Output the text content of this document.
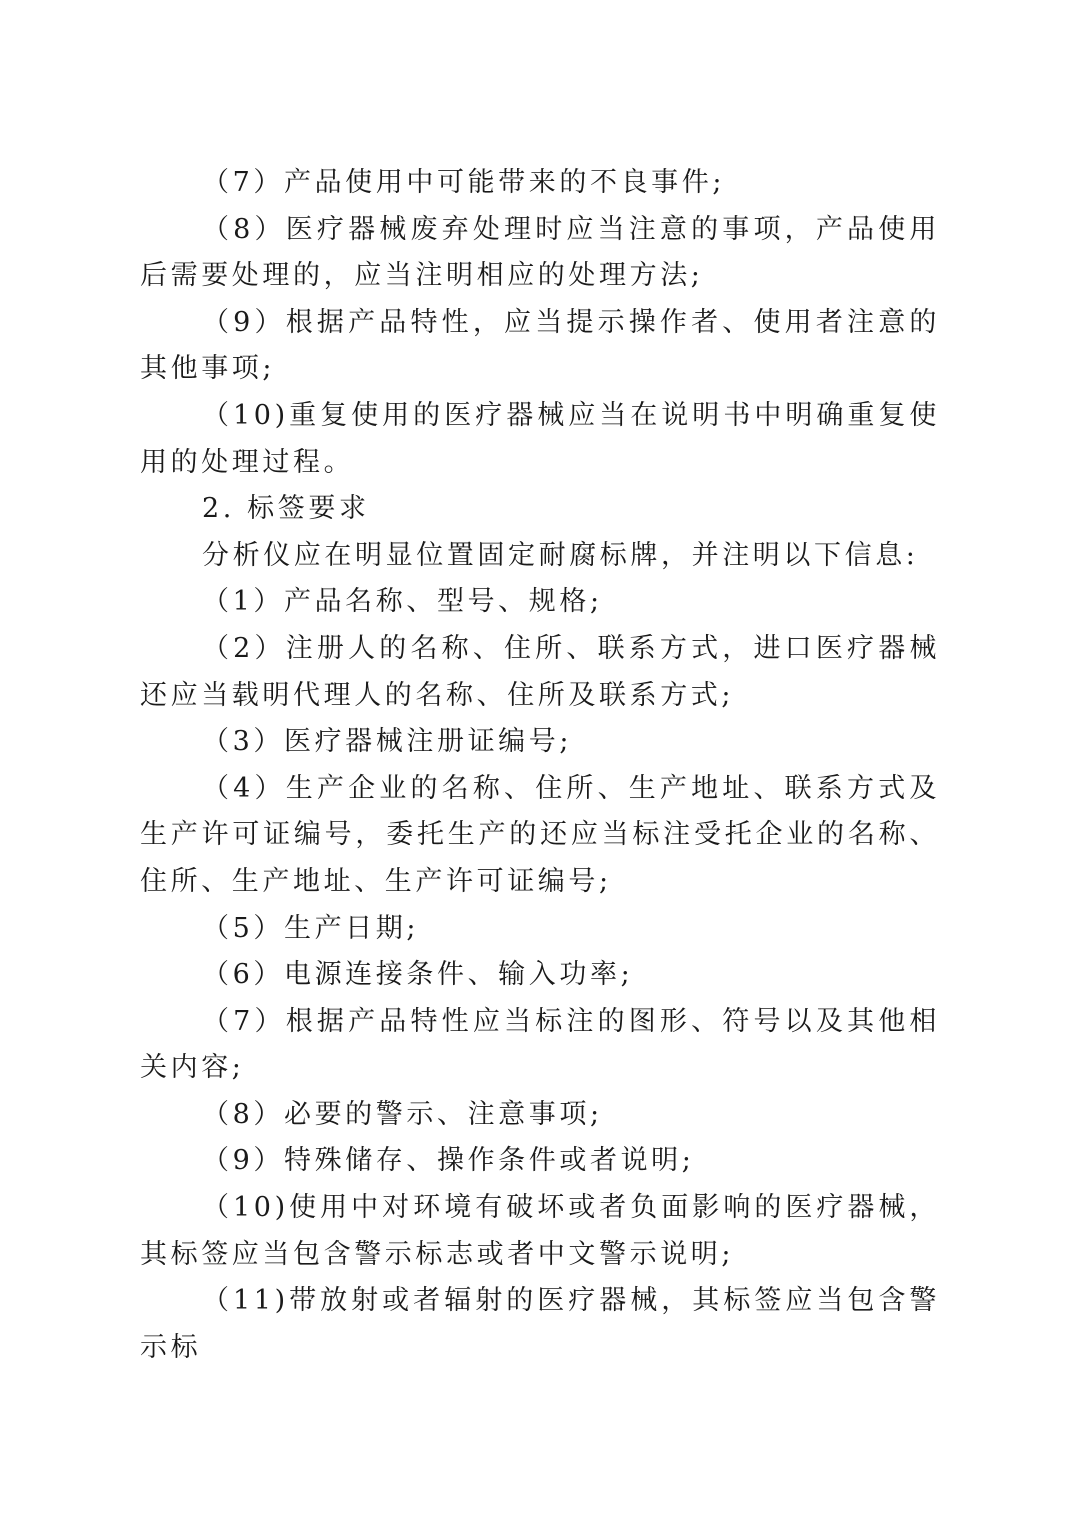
（7）产品使用中可能带来的不良事件;

（8）医疗器械废弃处理时应当注意的事项，产品使用后需要处理的，应当注明相应的处理方法;

（9）根据产品特性，应当提示操作者、使用者注意的其他事项;

（10)重复使用的医疗器械应当在说明书中明确重复使用的处理过程。

2. 标签要求

分析仪应在明显位置固定耐腐标牌，并注明以下信息:

（1）产品名称、型号、规格;

（2）注册人的名称、住所、联系方式，进口医疗器械还应当载明代理人的名称、住所及联系方式;

（3）医疗器械注册证编号;

（4）生产企业的名称、住所、生产地址、联系方式及生产许可证编号，委托生产的还应当标注受托企业的名称、住所、生产地址、生产许可证编号;

（5）生产日期;

（6）电源连接条件、输入功率;

（7）根据产品特性应当标注的图形、符号以及其他相关内容;

（8）必要的警示、注意事项;

（9）特殊储存、操作条件或者说明;

（10)使用中对环境有破坏或者负面影响的医疗器械，其标签应当包含警示标志或者中文警示说明;

（11)带放射或者辐射的医疗器械，其标签应当包含警示标
